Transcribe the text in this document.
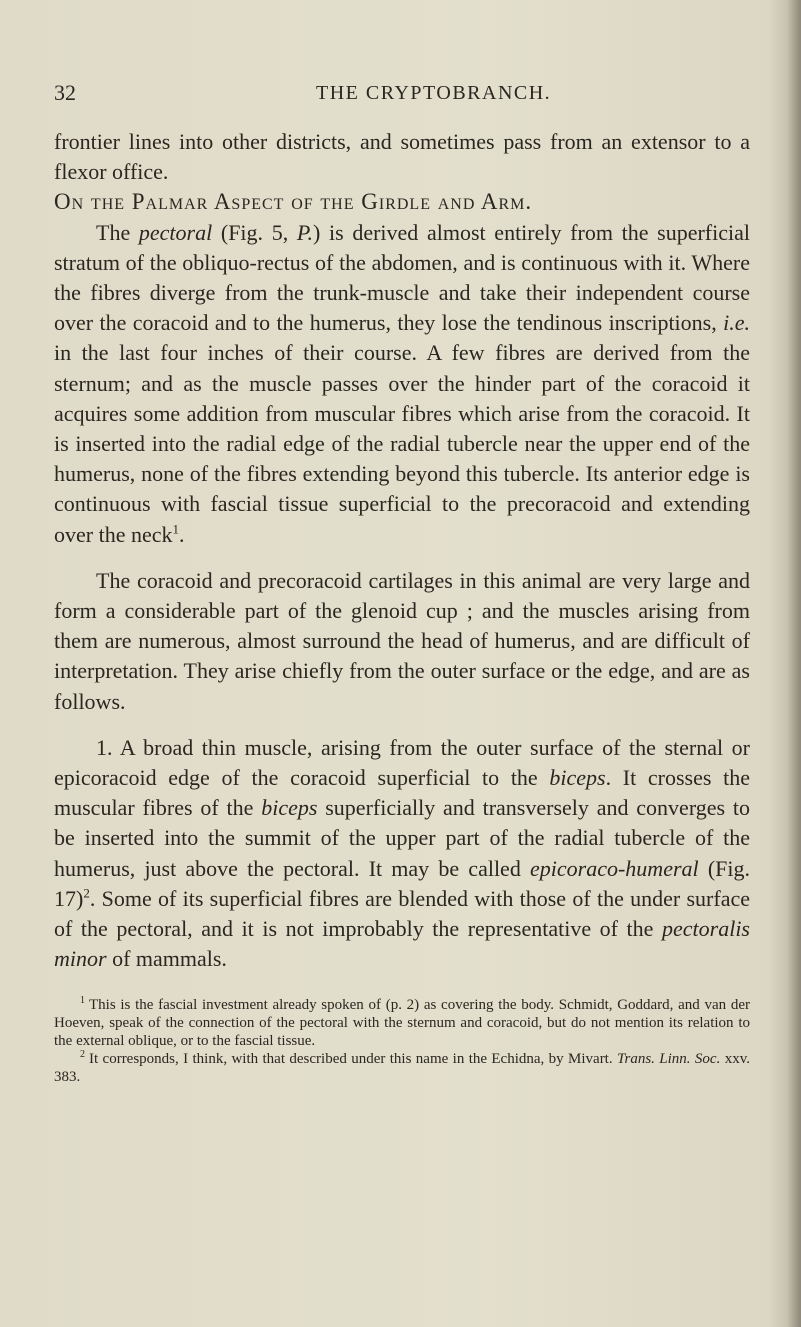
32	THE CRYPTOBRANCH.

frontier lines into other districts, and sometimes pass from an extensor to a flexor office.

On the Palmar Aspect of the Girdle and Arm.

The pectoral (Fig. 5, P.) is derived almost entirely from the superficial stratum of the obliquo-rectus of the abdomen, and is continuous with it. Where the fibres diverge from the trunk-muscle and take their independent course over the coracoid and to the humerus, they lose the tendinous inscriptions, i.e. in the last four inches of their course. A few fibres are derived from the sternum; and as the muscle passes over the hinder part of the coracoid it acquires some addition from muscular fibres which arise from the coracoid. It is inserted into the radial edge of the radial tubercle near the upper end of the humerus, none of the fibres extending beyond this tubercle. Its anterior edge is continuous with fascial tissue superficial to the precoracoid and extending over the neck$^1$.

The coracoid and precoracoid cartilages in this animal are very large and form a considerable part of the glenoid cup ; and the muscles arising from them are numerous, almost surround the head of humerus, and are difficult of interpretation. They arise chiefly from the outer surface or the edge, and are as follows.

1. A broad thin muscle, arising from the outer surface of the sternal or epicoracoid edge of the coracoid superficial to the biceps. It crosses the muscular fibres of the biceps superficially and transversely and converges to be inserted into the summit of the upper part of the radial tubercle of the humerus, just above the pectoral. It may be called epicoraco-humeral (Fig. 17)$^2$. Some of its superficial fibres are blended with those of the under surface of the pectoral, and it is not improbably the representative of the pectoralis minor of mammals.

$^1$ This is the fascial investment already spoken of (p. 2) as covering the body. Schmidt, Goddard, and van der Hoeven, speak of the connection of the pectoral with the sternum and coracoid, but do not mention its relation to the external oblique, or to the fascial tissue.

$^2$ It corresponds, I think, with that described under this name in the Echidna, by Mivart. Trans. Linn. Soc. xxv. 383.
